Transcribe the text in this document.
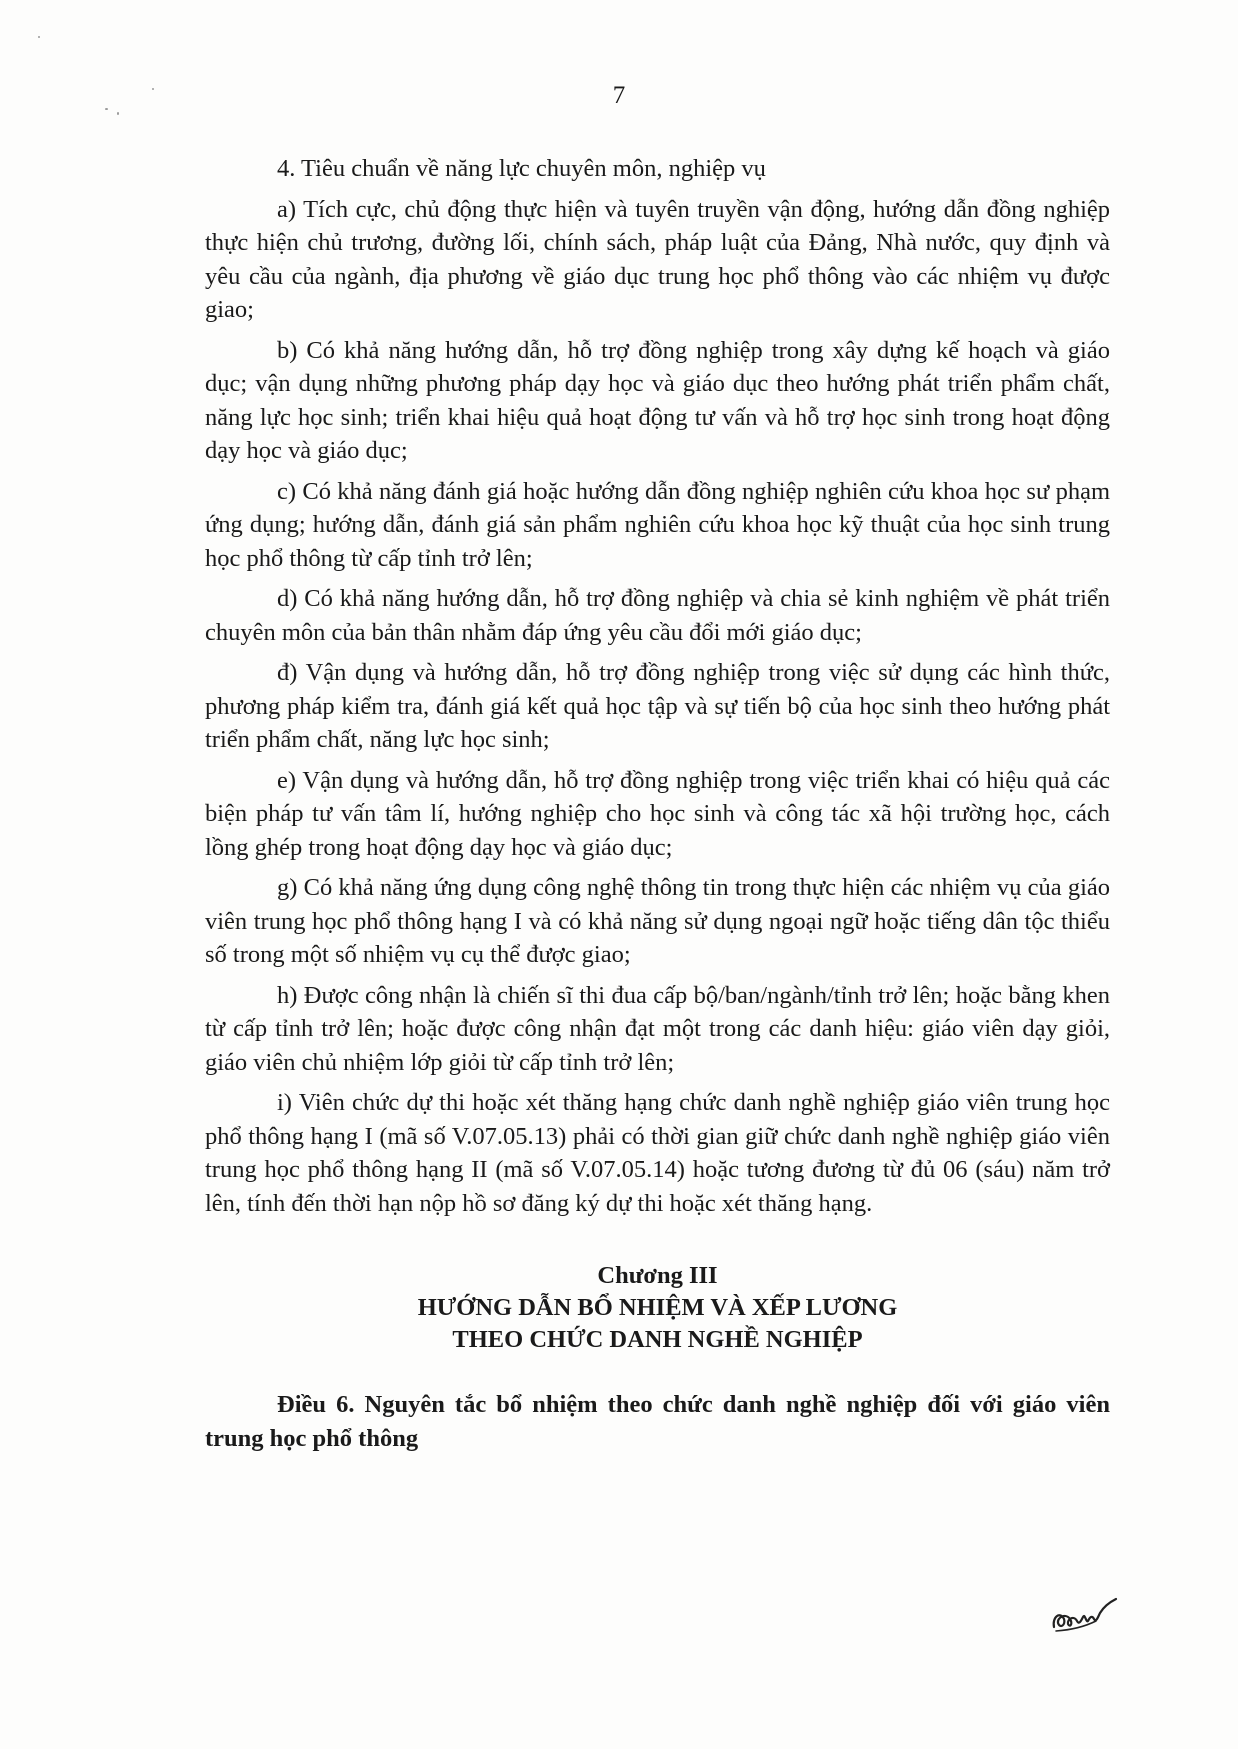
7

4. Tiêu chuẩn về năng lực chuyên môn, nghiệp vụ

a) Tích cực, chủ động thực hiện và tuyên truyền vận động, hướng dẫn đồng nghiệp thực hiện chủ trương, đường lối, chính sách, pháp luật của Đảng, Nhà nước, quy định và yêu cầu của ngành, địa phương về giáo dục trung học phổ thông vào các nhiệm vụ được giao;

b) Có khả năng hướng dẫn, hỗ trợ đồng nghiệp trong xây dựng kế hoạch và giáo dục; vận dụng những phương pháp dạy học và giáo dục theo hướng phát triển phẩm chất, năng lực học sinh; triển khai hiệu quả hoạt động tư vấn và hỗ trợ học sinh trong hoạt động dạy học và giáo dục;

c) Có khả năng đánh giá hoặc hướng dẫn đồng nghiệp nghiên cứu khoa học sư phạm ứng dụng; hướng dẫn, đánh giá sản phẩm nghiên cứu khoa học kỹ thuật của học sinh trung học phổ thông từ cấp tỉnh trở lên;

d) Có khả năng hướng dẫn, hỗ trợ đồng nghiệp và chia sẻ kinh nghiệm về phát triển chuyên môn của bản thân nhằm đáp ứng yêu cầu đổi mới giáo dục;

đ) Vận dụng và hướng dẫn, hỗ trợ đồng nghiệp trong việc sử dụng các hình thức, phương pháp kiểm tra, đánh giá kết quả học tập và sự tiến bộ của học sinh theo hướng phát triển phẩm chất, năng lực học sinh;

e) Vận dụng và hướng dẫn, hỗ trợ đồng nghiệp trong việc triển khai có hiệu quả các biện pháp tư vấn tâm lí, hướng nghiệp cho học sinh và công tác xã hội trường học, cách lồng ghép trong hoạt động dạy học và giáo dục;

g) Có khả năng ứng dụng công nghệ thông tin trong thực hiện các nhiệm vụ của giáo viên trung học phổ thông hạng I và có khả năng sử dụng ngoại ngữ hoặc tiếng dân tộc thiểu số trong một số nhiệm vụ cụ thể được giao;

h) Được công nhận là chiến sĩ thi đua cấp bộ/ban/ngành/tỉnh trở lên; hoặc bằng khen từ cấp tỉnh trở lên; hoặc được công nhận đạt một trong các danh hiệu: giáo viên dạy giỏi, giáo viên chủ nhiệm lớp giỏi từ cấp tỉnh trở lên;

i) Viên chức dự thi hoặc xét thăng hạng chức danh nghề nghiệp giáo viên trung học phổ thông hạng I (mã số V.07.05.13) phải có thời gian giữ chức danh nghề nghiệp giáo viên trung học phổ thông hạng II (mã số V.07.05.14) hoặc tương đương từ đủ 06 (sáu) năm trở lên, tính đến thời hạn nộp hồ sơ đăng ký dự thi hoặc xét thăng hạng.

Chương III
HƯỚNG DẪN BỔ NHIỆM VÀ XẾP LƯƠNG
THEO CHỨC DANH NGHỀ NGHIỆP

Điều 6. Nguyên tắc bổ nhiệm theo chức danh nghề nghiệp đối với giáo viên trung học phổ thông
